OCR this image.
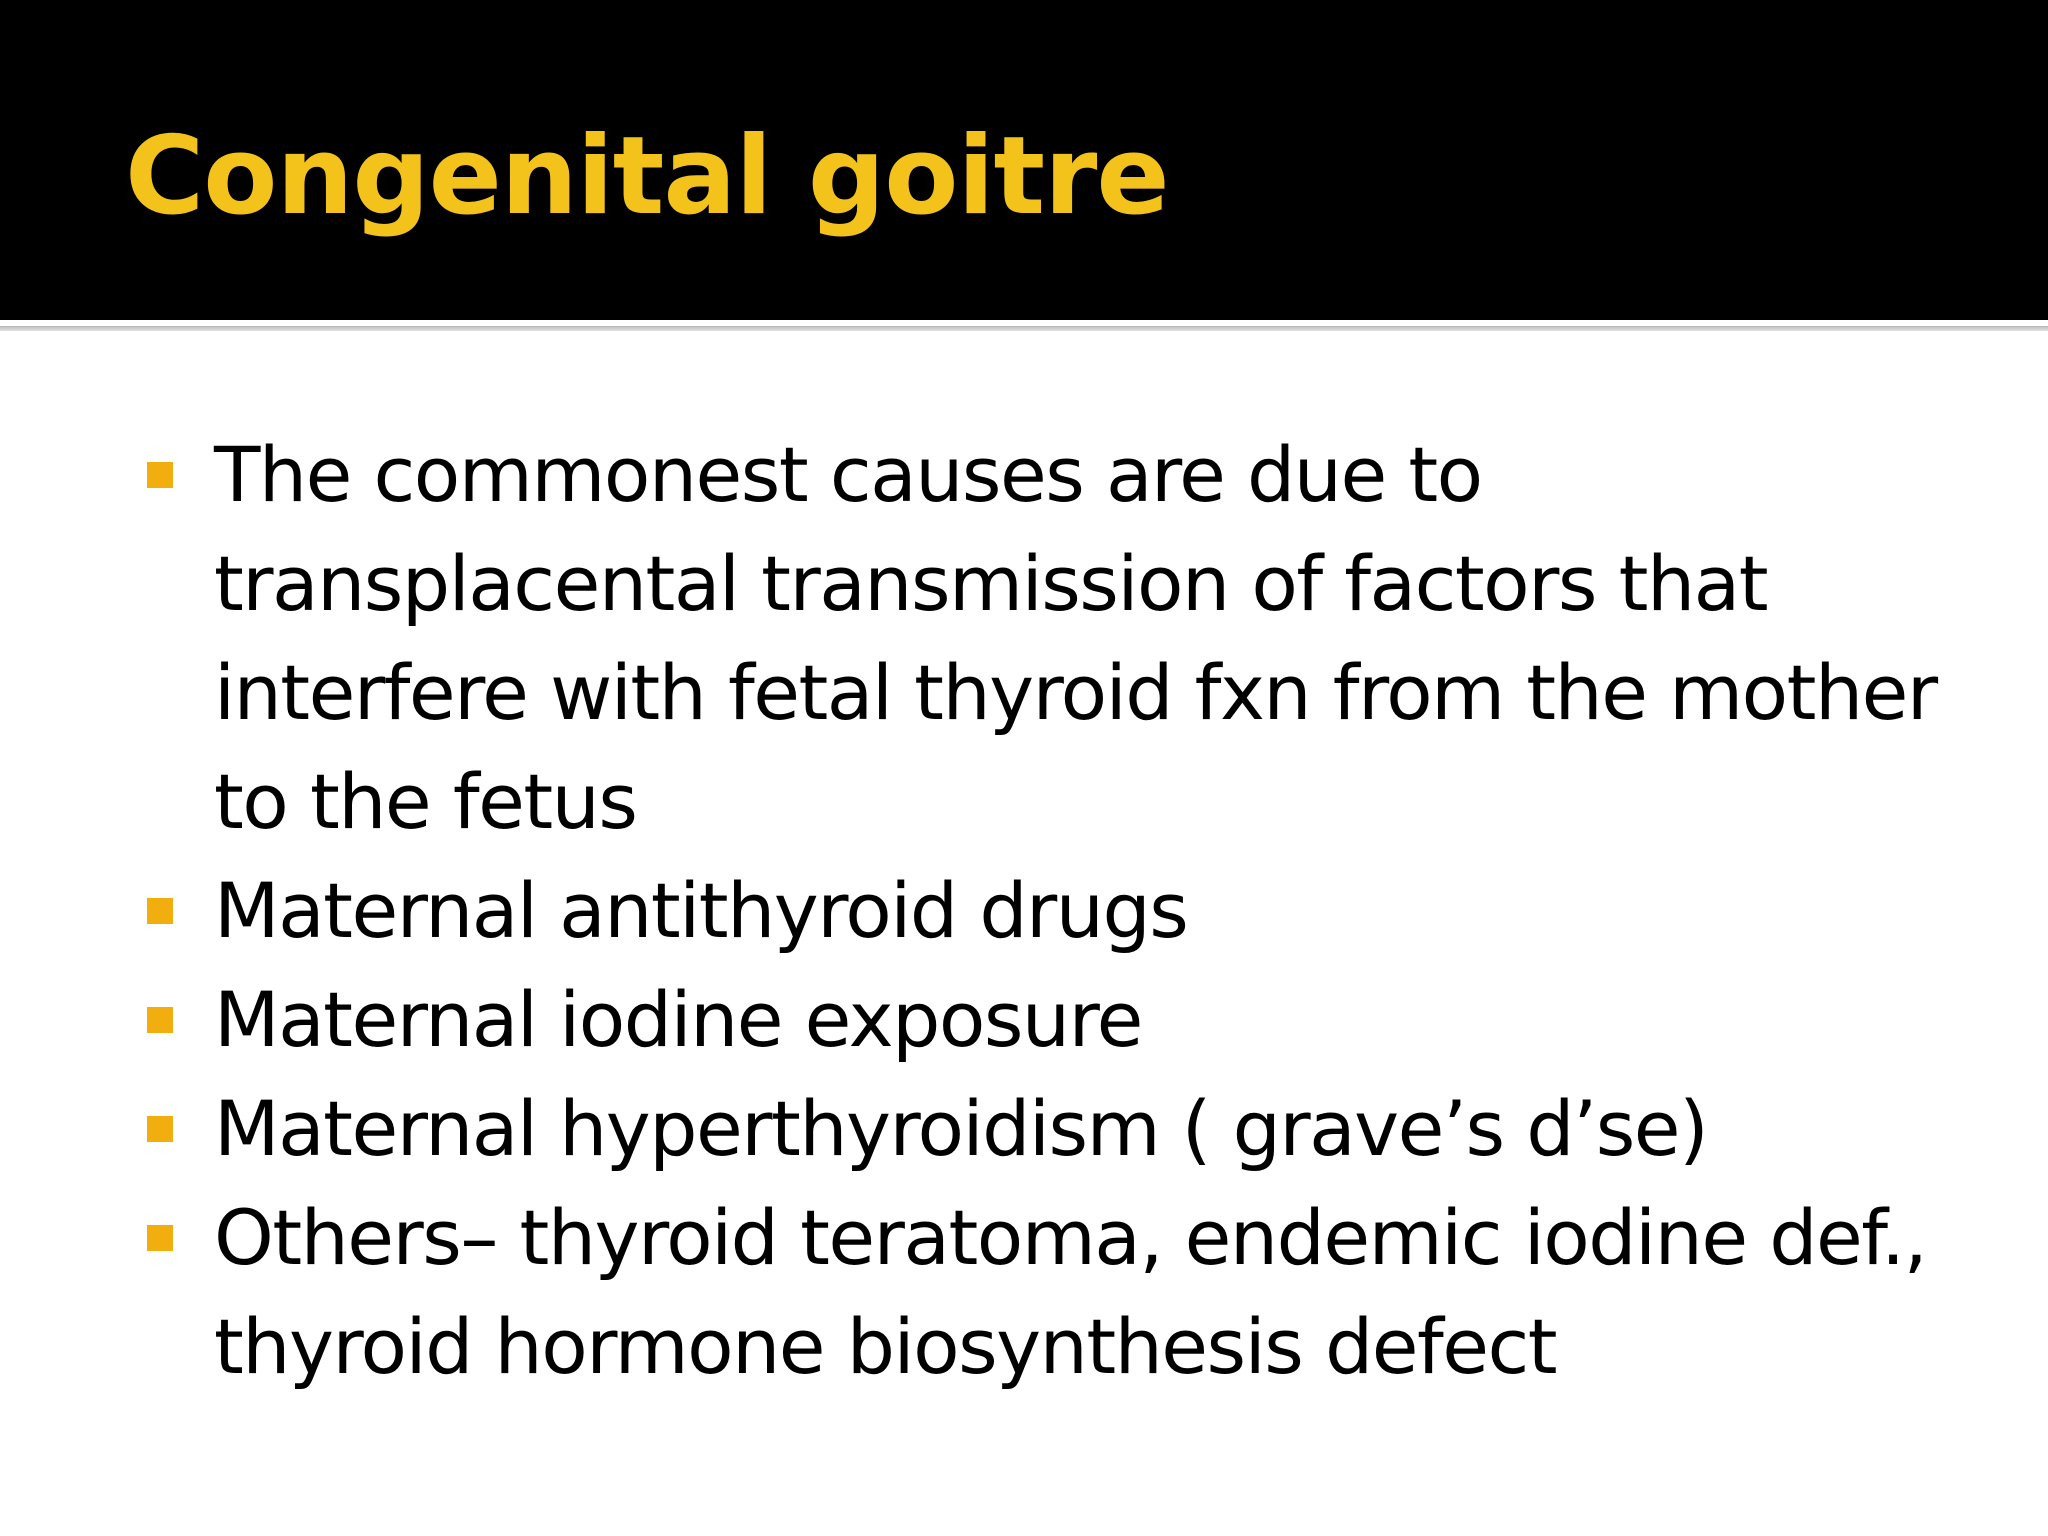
Congenital goitre
The commonest causes are due to transplacental transmission of factors that interfere with fetal thyroid fxn from the mother to the fetus
Maternal antithyroid drugs
Maternal iodine exposure
Maternal hyperthyroidism ( grave’s d’se)
Others– thyroid teratoma, endemic iodine def., thyroid hormone biosynthesis defect
